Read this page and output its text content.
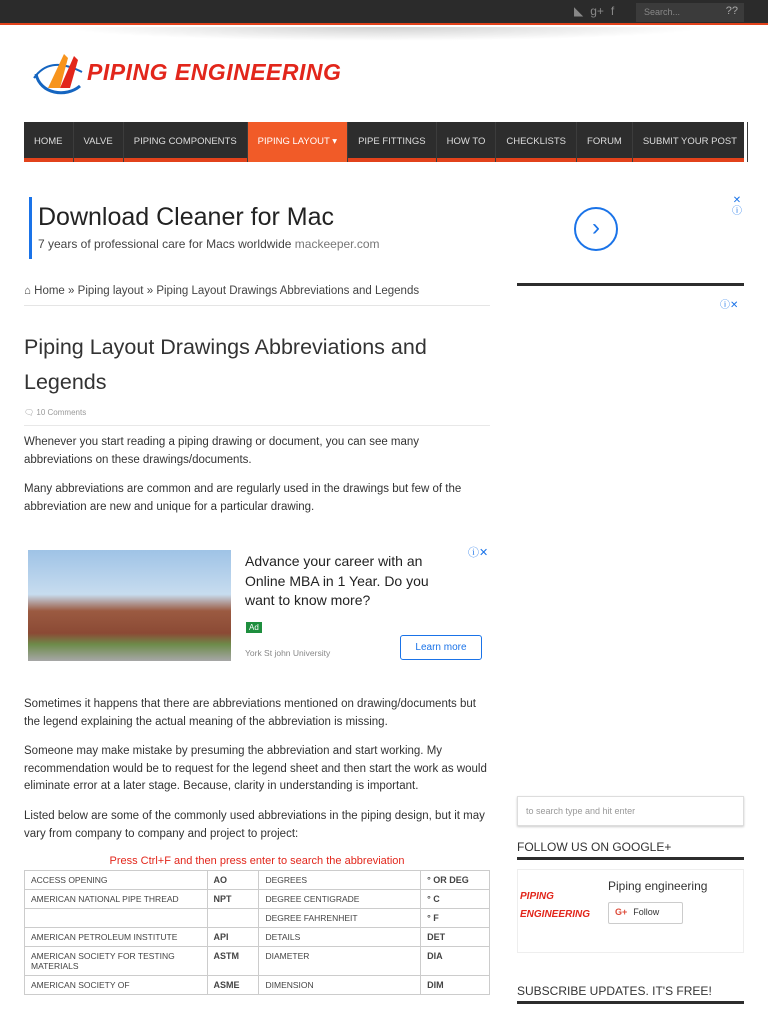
◣ g+ f	Search...	??
PIPING ENGINEERING
HOME	VALVE	PIPING COMPONENTS	PIPING LAYOUT ▾	PIPE FITTINGS	HOW TO	CHECKLISTS	FORUM	SUBMIT YOUR POST
Download Cleaner for Mac
7 years of professional care for Macs worldwide mackeeper.com
›
✕
ⓘ
⌂ Home » Piping layout » Piping Layout Drawings Abbreviations and Legends
Piping Layout Drawings Abbreviations and Legends
🗨 10 Comments

Whenever you start reading a piping drawing or document, you can see many abbreviations on these drawings/documents.

Many abbreviations are common and are regularly used in the drawings but few of the abbreviation are new and unique for a particular drawing.

Advance your career with an Online MBA in 1 Year. Do you want to know more?
Ad
York St john University	Learn more
ⓘ✕

Sometimes it happens that there are abbreviations mentioned on drawing/documents but the legend explaining the actual meaning of the abbreviation is missing.

Someone may make mistake by presuming the abbreviation and start working. My recommendation would be to request for the legend sheet and then start the work as would eliminate error at a later stage. Because, clarity in understanding is important.

Listed below are some of the commonly used abbreviations in the piping design, but it may vary from company to company and project to project:

Press Ctrl+F and then press enter to search the abbreviation
ACCESS OPENING	AO	DEGREES	° OR DEG
AMERICAN NATIONAL PIPE THREAD	NPT	DEGREE CENTIGRADE	° C
		DEGREE FAHRENHEIT	° F
AMERICAN PETROLEUM INSTITUTE	API	DETAILS	DET
AMERICAN SOCIETY FOR TESTING MATERIALS	ASTM	DIAMETER	DIA
AMERICAN SOCIETY OF	ASME	DIMENSION	DIM
ⓘ✕
to search type and hit enter
FOLLOW US ON GOOGLE+
PIPING ENGINEERING
Piping engineering
G+ Follow
SUBSCRIBE UPDATES. IT'S FREE!
